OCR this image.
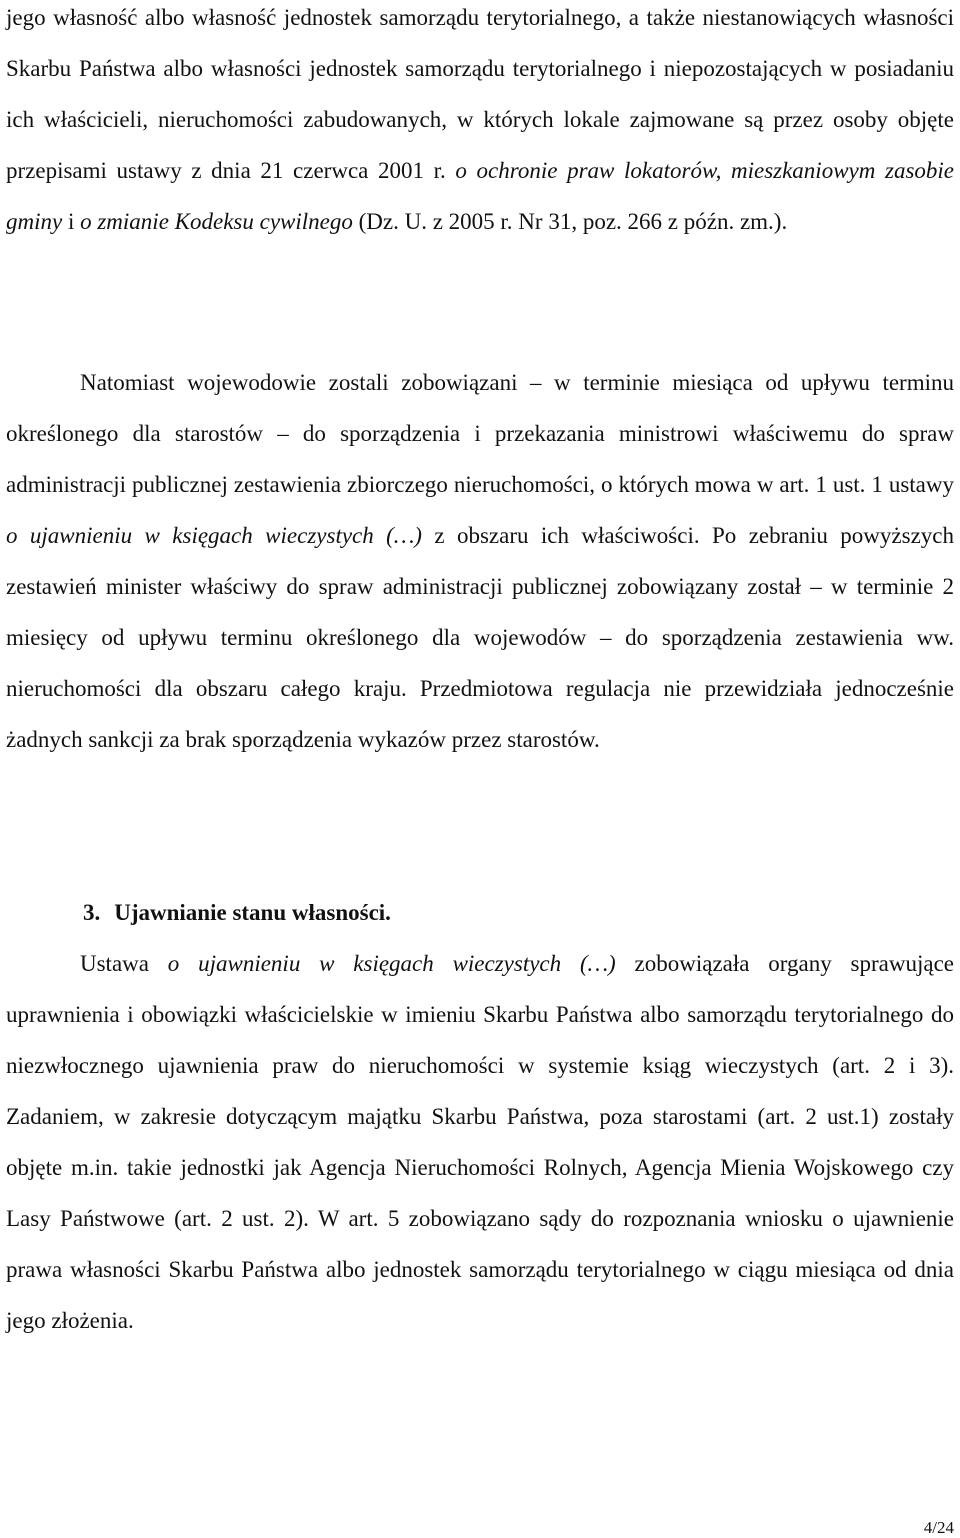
jego własność albo własność jednostek samorządu terytorialnego, a także niestanowiących własności Skarbu Państwa albo własności jednostek samorządu terytorialnego i niepozostających w posiadaniu ich właścicieli, nieruchomości zabudowanych, w których lokale zajmowane są przez osoby objęte przepisami ustawy z dnia 21 czerwca 2001 r. o ochronie praw lokatorów, mieszkaniowym zasobie gminy i o zmianie Kodeksu cywilnego (Dz. U. z 2005 r. Nr 31, poz. 266 z późn. zm.).

Natomiast wojewodowie zostali zobowiązani – w terminie miesiąca od upływu terminu określonego dla starostów – do sporządzenia i przekazania ministrowi właściwemu do spraw administracji publicznej zestawienia zbiorczego nieruchomości, o których mowa w art. 1 ust. 1 ustawy o ujawnieniu w księgach wieczystych (…) z obszaru ich właściwości. Po zebraniu powyższych zestawień minister właściwy do spraw administracji publicznej zobowiązany został – w terminie 2 miesięcy od upływu terminu określonego dla wojewodów – do sporządzenia zestawienia ww. nieruchomości dla obszaru całego kraju. Przedmiotowa regulacja nie przewidziała jednocześnie żadnych sankcji za brak sporządzenia wykazów przez starostów.

3. Ujawnianie stanu własności.

Ustawa o ujawnieniu w księgach wieczystych (…) zobowiązała organy sprawujące uprawnienia i obowiązki właścicielskie w imieniu Skarbu Państwa albo samorządu terytorialnego do niezwłocznego ujawnienia praw do nieruchomości w systemie ksiąg wieczystych (art. 2 i 3). Zadaniem, w zakresie dotyczącym majątku Skarbu Państwa, poza starostami (art. 2 ust.1) zostały objęte m.in. takie jednostki jak Agencja Nieruchomości Rolnych, Agencja Mienia Wojskowego czy Lasy Państwowe (art. 2 ust. 2). W art. 5 zobowiązano sądy do rozpoznania wniosku o ujawnienie prawa własności Skarbu Państwa albo jednostek samorządu terytorialnego w ciągu miesiąca od dnia jego złożenia.

4/24
